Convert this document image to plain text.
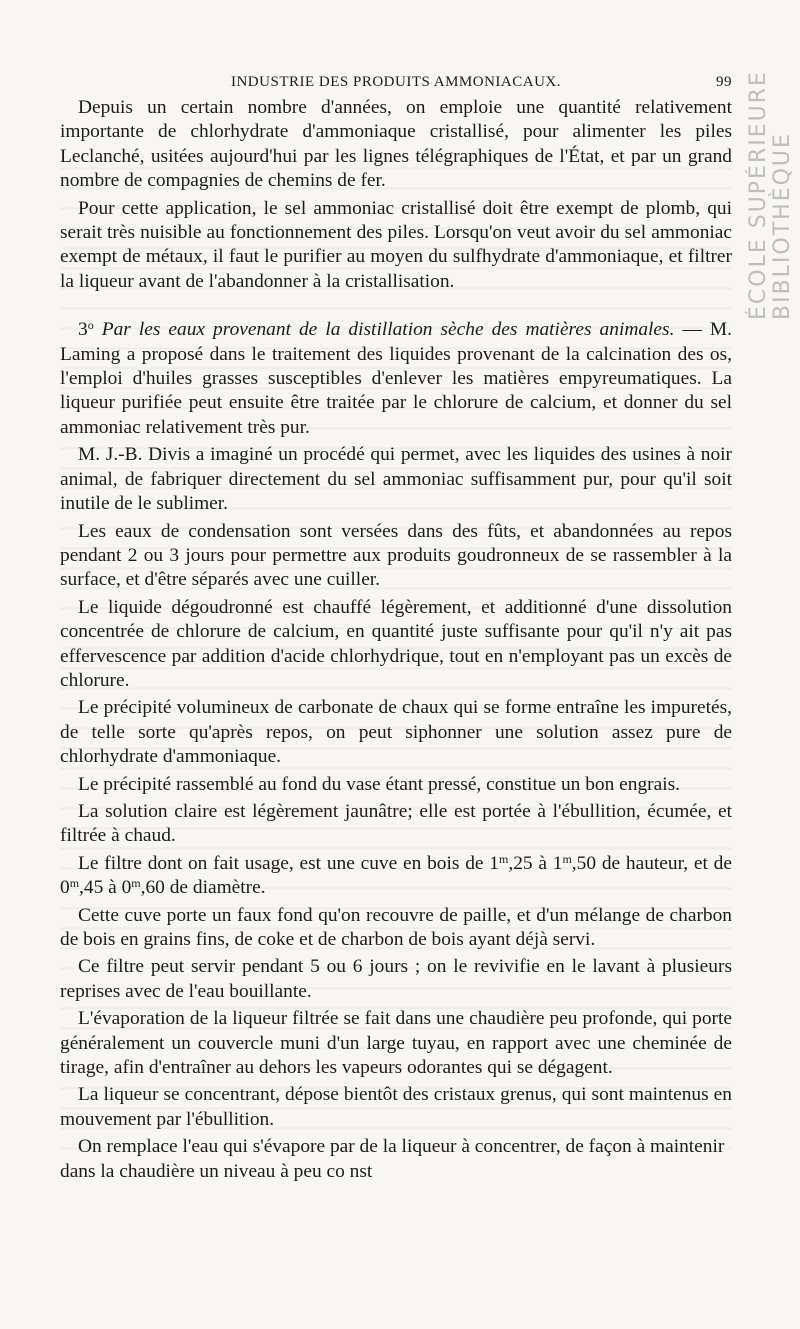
ÉCOLE SUPÉRIEURE BIBLIOTHÈQUE
INDUSTRIE DES PRODUITS AMMONIACAUX.	99

Depuis un certain nombre d'années, on emploie une quantité relativement importante de chlorhydrate d'ammoniaque cristallisé, pour alimenter les piles Leclanché, usitées aujourd'hui par les lignes télégraphiques de l'État, et par un grand nombre de compagnies de chemins de fer.

Pour cette application, le sel ammoniac cristallisé doit être exempt de plomb, qui serait très nuisible au fonctionnement des piles. Lorsqu'on veut avoir du sel ammoniac exempt de métaux, il faut le purifier au moyen du sulfhydrate d'ammoniaque, et filtrer la liqueur avant de l'abandonner à la cristallisation.

3$^o$ Par les eaux provenant de la distillation sèche des matières animales. — M. Laming a proposé dans le traitement des liquides provenant de la calcination des os, l'emploi d'huiles grasses susceptibles d'enlever les matières empyreumatiques. La liqueur purifiée peut ensuite être traitée par le chlorure de calcium, et donner du sel ammoniac relativement très pur.

M. J.-B. Divis a imaginé un procédé qui permet, avec les liquides des usines à noir animal, de fabriquer directement du sel ammoniac suffisamment pur, pour qu'il soit inutile de le sublimer.

Les eaux de condensation sont versées dans des fûts, et abandonnées au repos pendant 2 ou 3 jours pour permettre aux produits goudronneux de se rassembler à la surface, et d'être séparés avec une cuiller.

Le liquide dégoudronné est chauffé légèrement, et additionné d'une dissolution concentrée de chlorure de calcium, en quantité juste suffisante pour qu'il n'y ait pas effervescence par addition d'acide chlorhydrique, tout en n'employant pas un excès de chlorure.

Le précipité volumineux de carbonate de chaux qui se forme entraîne les impuretés, de telle sorte qu'après repos, on peut siphonner une solution assez pure de chlorhydrate d'ammoniaque.

Le précipité rassemblé au fond du vase étant pressé, constitue un bon engrais.

La solution claire est légèrement jaunâtre; elle est portée à l'ébullition, écumée, et filtrée à chaud.

Le filtre dont on fait usage, est une cuve en bois de 1$^m$,25 à 1$^m$,50 de hauteur, et de 0$^m$,45 à 0$^m$,60 de diamètre.

Cette cuve porte un faux fond qu'on recouvre de paille, et d'un mélange de charbon de bois en grains fins, de coke et de charbon de bois ayant déjà servi.

Ce filtre peut servir pendant 5 ou 6 jours ; on le revivifie en le lavant à plusieurs reprises avec de l'eau bouillante.

L'évaporation de la liqueur filtrée se fait dans une chaudière peu profonde, qui porte généralement un couvercle muni d'un large tuyau, en rapport avec une cheminée de tirage, afin d'entraîner au dehors les vapeurs odorantes qui se dégagent.

La liqueur se concentrant, dépose bientôt des cristaux grenus, qui sont maintenus en mouvement par l'ébullition.

On remplace l'eau qui s'évapore par de la liqueur à concentrer, de façon à maintenir dans la chaudière un niveau à peu co nst
